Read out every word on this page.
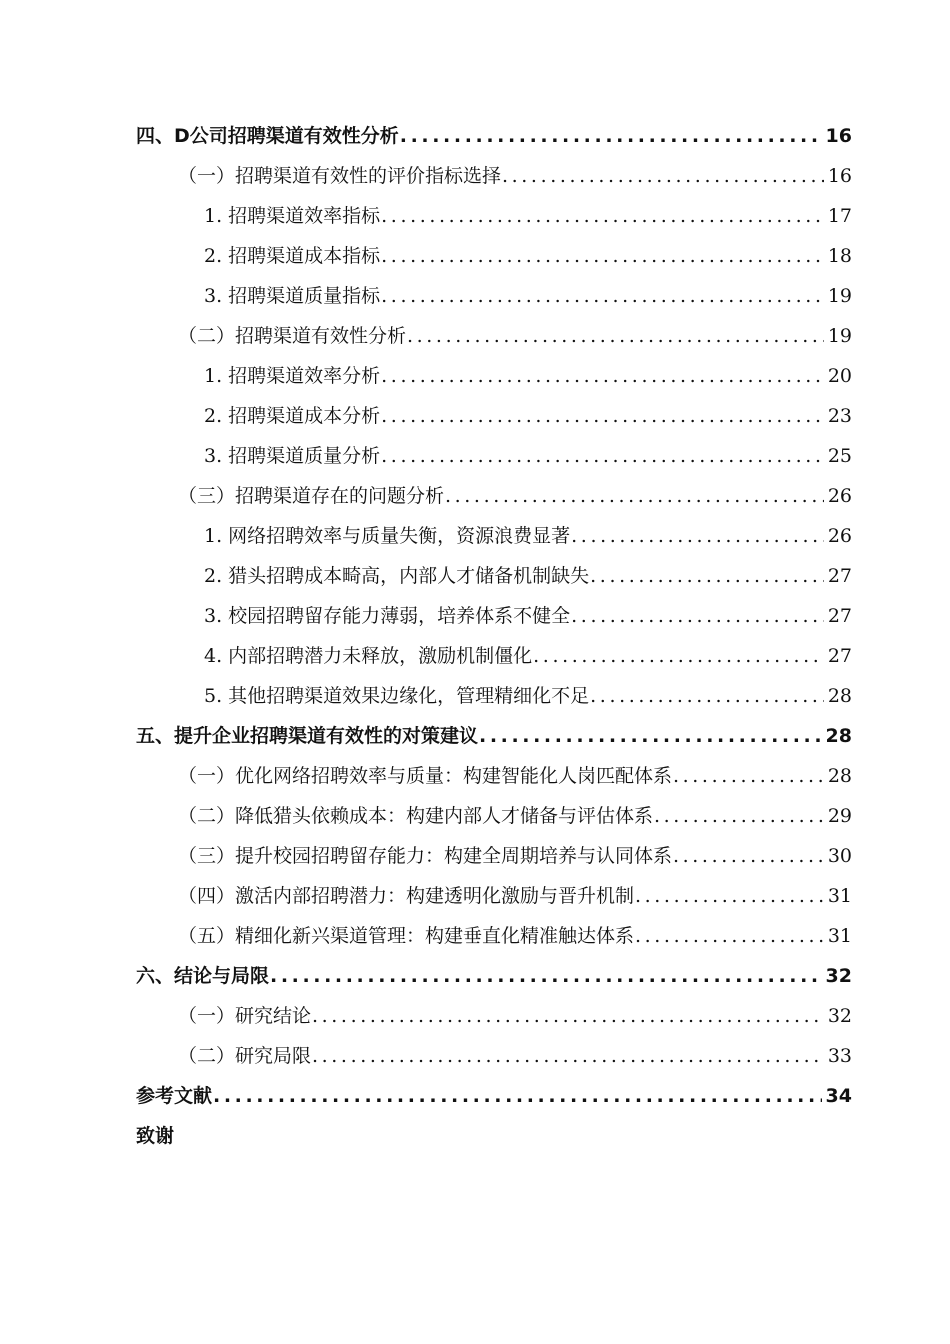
四、D公司招聘渠道有效性分析 .....	16
（一）招聘渠道有效性的评价指标选择 .....	16
1. 招聘渠道效率指标 .....	17
2. 招聘渠道成本指标 .....	18
3. 招聘渠道质量指标 .....	19
（二）招聘渠道有效性分析 .....	19
1. 招聘渠道效率分析 .....	20
2. 招聘渠道成本分析 .....	23
3. 招聘渠道质量分析 .....	25
（三）招聘渠道存在的问题分析 .....	26
1. 网络招聘效率与质量失衡，资源浪费显著 .....	26
2. 猎头招聘成本畸高，内部人才储备机制缺失 .....	27
3. 校园招聘留存能力薄弱，培养体系不健全 .....	27
4. 内部招聘潜力未释放，激励机制僵化 .....	27
5. 其他招聘渠道效果边缘化，管理精细化不足 .....	28
五、提升企业招聘渠道有效性的对策建议 .....	28
（一）优化网络招聘效率与质量：构建智能化人岗匹配体系 .....	28
（二）降低猎头依赖成本：构建内部人才储备与评估体系 .....	29
（三）提升校园招聘留存能力：构建全周期培养与认同体系 .....	30
（四）激活内部招聘潜力：构建透明化激励与晋升机制 .....	31
（五）精细化新兴渠道管理：构建垂直化精准触达体系 .....	31
六、结论与局限 .....	32
（一）研究结论 .....	32
（二）研究局限 .....	33
参考文献 .....	34
致谢
